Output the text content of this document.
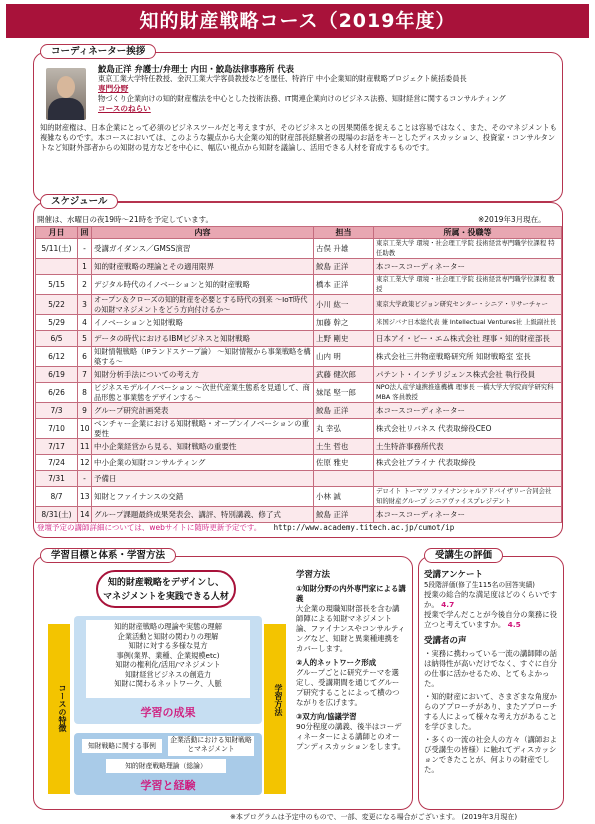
知的財産戦略コース（2019年度）
コーディネーター挨拶
鮫島正洋 弁護士/弁理士 内田・鮫島法律事務所 代表
東京工業大学特任教授、金沢工業大学客員教授などを歴任、特許庁 中小企業知的財産戦略プロジェクト統括委員長
専門分野
物づくり企業向けの知的財産権法を中心とした技術法務、IT関連企業向けのビジネス法務、知財経営に関するコンサルティング
コースのねらい
知的財産権は、日本企業にとって必須のビジネスツールだと考えますが、そのビジネスとの因果関係を捉えることは容易ではなく、また、そのマネジメントも複雑なものです。本コースにおいては、このような観点から大企業の知的財産部長経験者の現場のお話をキーとしたディスカッション、投資家・コンサルタントなど知財外部者からの知財の見方などを中心に、幅広い視点から知財を議論し、活用できる人材を育成するものです。
スケジュール
開催は、水曜日の夜19時～21時を予定しています。	※2019年3月現在。
月日	回	内容	担当	所属・役職等
5/11(土)	-	受講ガイダンス／GMSS演習	古俣 升雄	東京工業大学 環境・社会理工学院 技術経営専門職学位課程 特任助教
	1	知的財産戦略の理論とその適用限界	鮫島 正洋	本コースコーディネーター
5/15	2	デジタル時代のイノベーションと知的財産戦略	橋本 正洋	東京工業大学 環境・社会理工学院 技術経営専門職学位課程 教授
5/22	3	オープン＆クローズの知的財産を必要とする時代の到来 ～IoT時代の知財マネジメントをどう方向付けるか～	小川 紘一	東京大学政策ビジョン研究センター・シニア・リサーチャー
5/29	4	イノベーションと知財戦略	加藤 幹之	米国ジバナ日本総代表 兼 Intellectual Ventures社 上級副社長
6/5	5	データの時代におけるIBMビジネスと知財戦略	上野 剛史	日本アイ・ビー・エム株式会社 理事・知的財産部長
6/12	6	知財情報戦略（IPランドスケープ論） ～知財情報から事業戦略を構築する～	山内 明	株式会社三井物産戦略研究所 知財戦略室 室長
6/19	7	知財分析手法についての考え方	武藤 健次郎	パテント・インテリジェンス株式会社 執行役員
6/26	8	ビジネスモデルイノベーション ～次世代産業生態系を見通して、商品形態と事業態をデザインする～	妹尾 堅一郎	NPO法人産学連携推進機構 理事長 一橋大学大学院商学研究科MBA 客員教授
7/3	9	グループ研究計画発表	鮫島 正洋	本コースコーディネーター
7/10	10	ベンチャー企業における知財戦略・オープンイノベーションの重要性	丸 幸弘	株式会社リバネス 代表取締役CEO
7/17	11	中小企業経営から見る、知財戦略の重要性	土生 哲也	土生特許事務所代表
7/24	12	中小企業の知財コンサルティング	佐原 雅史	株式会社ブライナ 代表取締役
7/31	-	予備日		
8/7	13	知財とファイナンスの交錯	小林 誠	デロイト トーマツ ファイナンシャルアドバイザリー合同会社 知的財産グループ シニアヴァイスプレジデント
8/31(土)	14	グループ課題最終成果発表会、講評、特別講義、修了式	鮫島 正洋	本コースコーディネーター
登壇予定の講師詳細については、webサイトに随時更新予定です。 http://www.academy.titech.ac.jp/cumot/ip
学習目標と体系・学習方法
知的財産戦略をデザインし、
マネジメントを実践できる人材
コースの特徴	学習方法
知的財産戦略の理論や実態の理解
企業活動と知財の関わりの理解
知財に対する多様な見方
事例(業界、業種、企業規模etc)
知財の権利化/活用/マネジメント
知財経営ビジネスの創造力
知財に関わるネットワーク、人脈
学習の成果
知財戦略に関する事例
企業活動における知財戦略とマネジメント
知的財産戦略理論（総論）
学習と経験
学習方法
①知財分野の内外専門家による講義
大企業の現職知財部長を含む講師陣による知財マネジメント論、ファイナンスやコンサルティングなど、知財と異業種連携をカバーします。
②人的ネットワーク形成
グループごとに研究テーマを選定し、受講期間を通じてグループ研究することによって横のつながりを広げます。
③双方向/協議学習
90分程度の講義、後半はコーディネーターによる講師とのオープンディスカッションをします。
受講生の評価
受講アンケート
5段階評価(修了生115名の回答実績)
授業の総合的な満足度はどのくらいですか。 4.7
授業で学んだことが今後自分の業務に役立つと考えていますか。 4.5
受講者の声
・実務に携わっている一流の講師陣の話は納得性が高いだけでなく、すぐに自分の仕事に活かせるため、とてもよかった。
・知的財産において、さまざまな角度からのアプローチがあり、またアプローチする人によって様々な考え方があることを学びました。
・多くの一流の社会人の方々（講師および受講生の皆様）に触れてディスカッションできたことが、何よりの財産でした。
※本プログラムは予定中のもので、一部、変更になる場合がございます。 (2019年3月現在)
